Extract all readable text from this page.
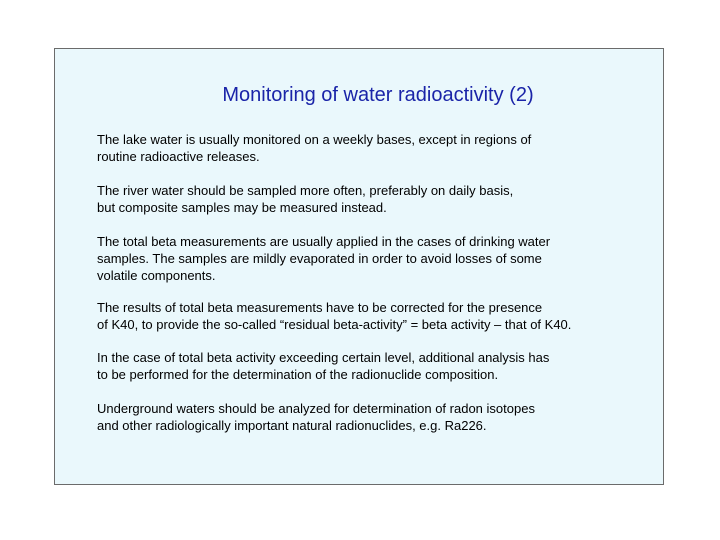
Monitoring of water radioactivity (2)

The lake water is usually monitored on a weekly bases, except in regions of
routine radioactive releases.

The river water should be sampled more often, preferably on daily basis,
but composite samples may be measured instead.

The total beta measurements are usually applied in the cases of drinking water
samples. The samples are mildly evaporated in order to avoid losses of some
volatile components.

The results of total beta measurements have to be corrected for the presence
of K40, to provide the so-called “residual beta-activity” = beta activity – that of K40.

In the case of total beta activity exceeding certain level, additional analysis has
to be performed for the determination of the radionuclide composition.

Underground waters should be analyzed for determination of radon isotopes
and other radiologically important natural radionuclides, e.g. Ra226.
